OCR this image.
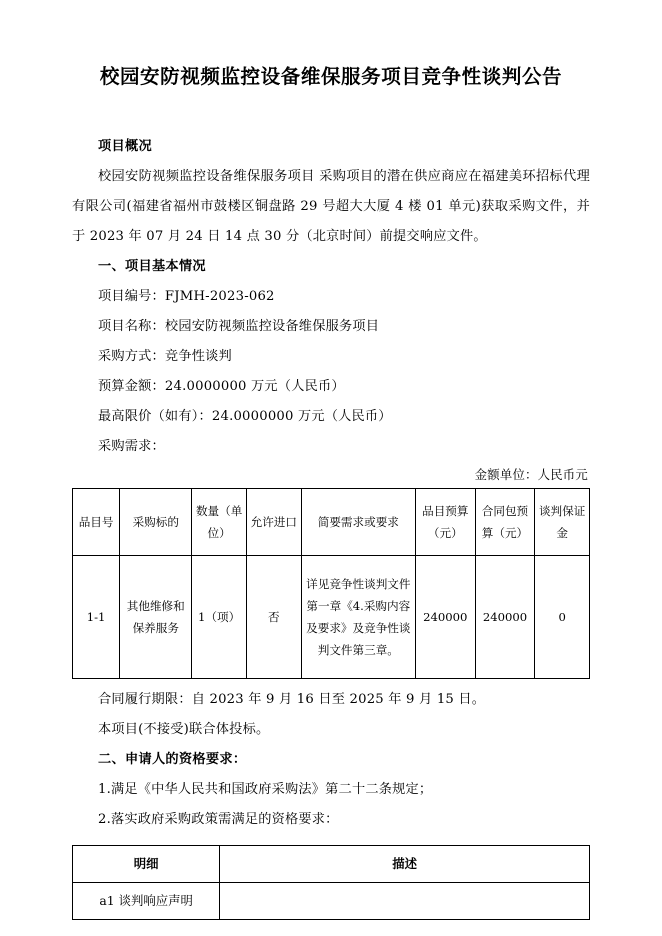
校园安防视频监控设备维保服务项目竞争性谈判公告

项目概况

校园安防视频监控设备维保服务项目 采购项目的潜在供应商应在福建美环招标代理有限公司(福建省福州市鼓楼区铜盘路 29 号超大大厦 4 楼 01 单元)获取采购文件，并于 2023 年 07 月 24 日 14 点 30 分（北京时间）前提交响应文件。

一、项目基本情况

项目编号：FJMH-2023-062

项目名称：校园安防视频监控设备维保服务项目

采购方式：竞争性谈判

预算金额：24.0000000 万元（人民币）

最高限价（如有）：24.0000000 万元（人民币）

采购需求：

金额单位：人民币元

品目号	采购标的	数量（单位）	允许进口	简要需求或要求	品目预算（元）	合同包预算（元）	谈判保证金
1-1	其他维修和保养服务	1（项）	否	详见竞争性谈判文件第一章《4.采购内容及要求》及竞争性谈判文件第三章。	240000	240000	0

合同履行期限：自 2023 年 9 月 16 日至 2025 年 9 月 15 日。

本项目(不接受)联合体投标。

二、申请人的资格要求：

1.满足《中华人民共和国政府采购法》第二十二条规定；

2.落实政府采购政策需满足的资格要求：

明细	描述
a1 谈判响应声明	
